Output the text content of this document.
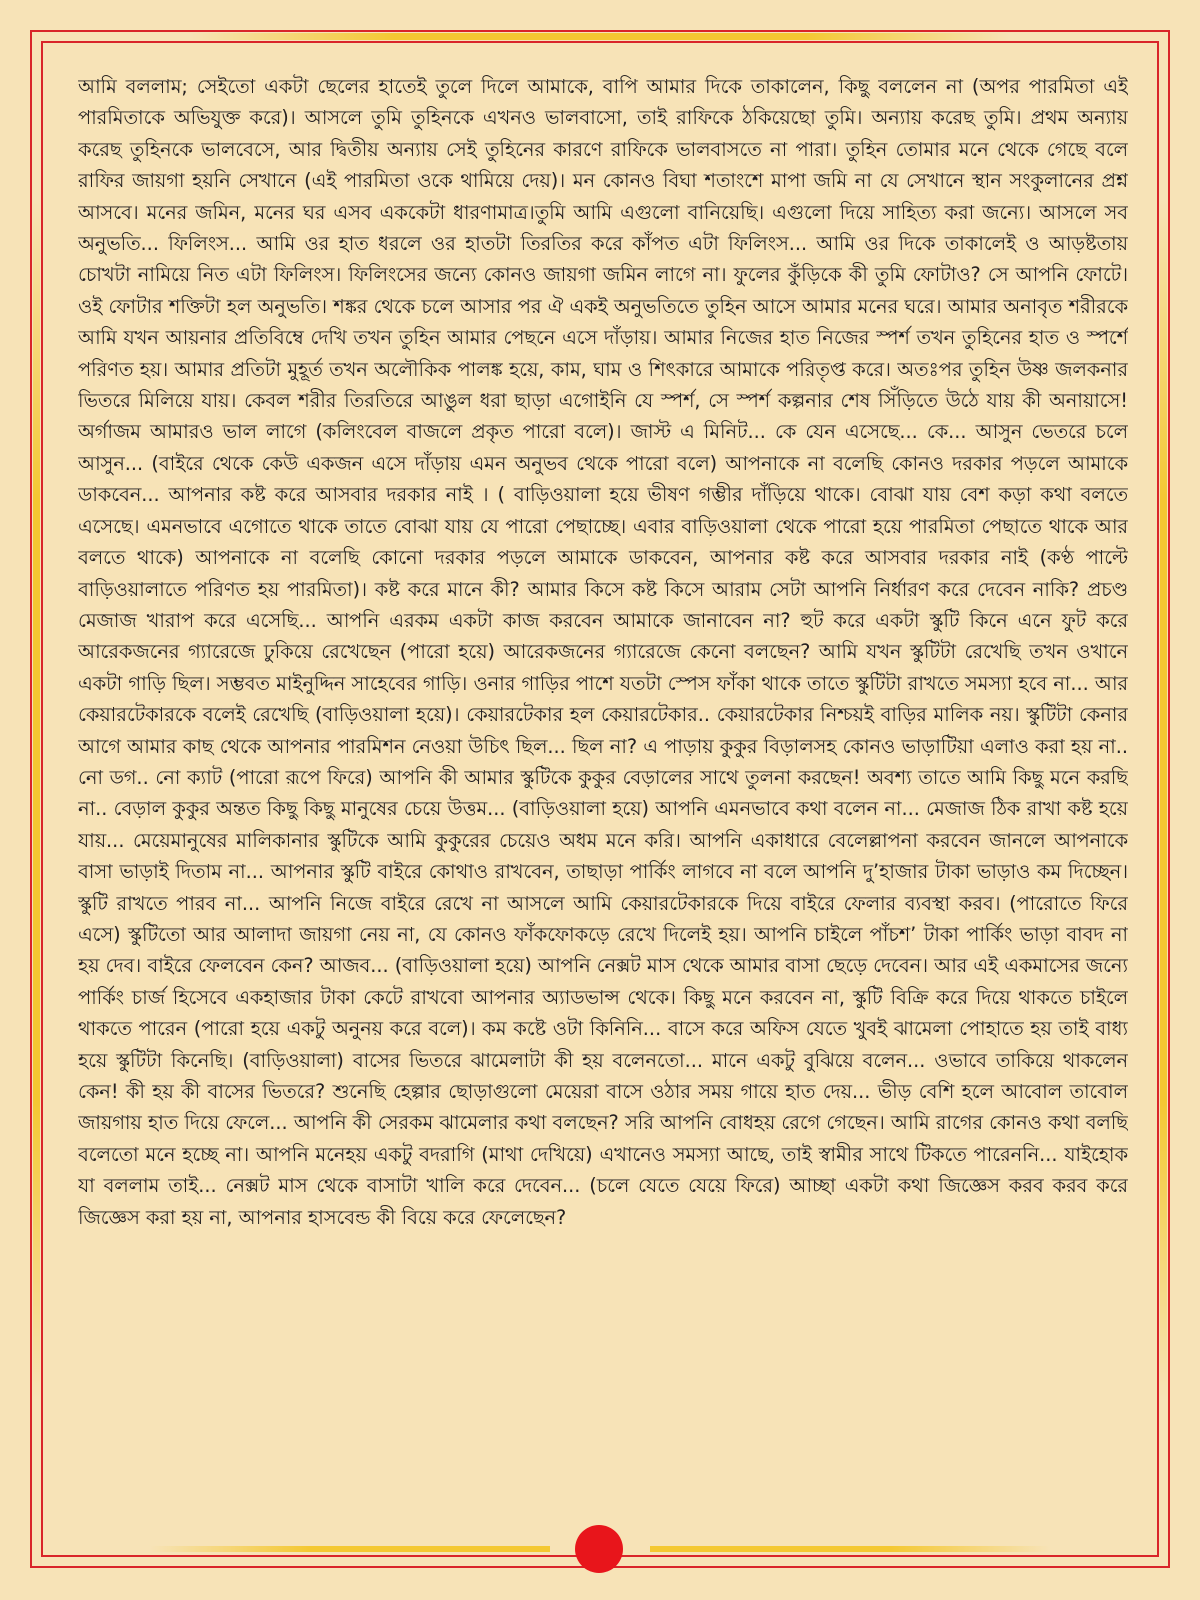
আমি বললাম; সেইতো একটা ছেলের হাতেই তুলে দিলে আমাকে, বাপি আমার দিকে তাকালেন, কিছু বললেন না (অপর পারমিতা এই পারমিতাকে অভিযুক্ত করে)। আসলে তুমি তুহিনকে এখনও ভালবাসো, তাই রাফিকে ঠকিয়েছো তুমি। অন্যায় করেছ তুমি। প্রথম অন্যায় করেছ তুহিনকে ভালবেসে, আর দ্বিতীয় অন্যায় সেই তুহিনের কারণে রাফিকে ভালবাসতে না পারা। তুহিন তোমার মনে থেকে গেছে বলে রাফির জায়গা হয়নি সেখানে (এই পারমিতা ওকে থামিয়ে দেয়)। মন কোনও বিঘা শতাংশে মাপা জমি না যে সেখানে স্থান সংকুলানের প্রশ্ন আসবে। মনের জমিন, মনের ঘর এসব এককেটা ধারণামাত্র।তুমি আমি এগুলো বানিয়েছি। এগুলো দিয়ে সাহিত্য করা জন্যে। আসলে সব অনুভতি... ফিলিংস... আমি ওর হাত ধরলে ওর হাতটা তিরতির করে কাঁপত এটা ফিলিংস... আমি ওর দিকে তাকালেই ও আড়ষ্টতায় চোখটা নামিয়ে নিত এটা ফিলিংস। ফিলিংসের জন্যে কোনও জায়গা জমিন লাগে না। ফুলের কুঁড়িকে কী তুমি ফোটাও? সে আপনি ফোটে। ওই ফোটার শক্তিটা হল অনুভতি। শঙ্কর থেকে চলে আসার পর ঐ একই অনুভতিতে তুহিন আসে আমার মনের ঘরে। আমার অনাবৃত শরীরকে আমি যখন আয়নার প্রতিবিম্বে দেখি তখন তুহিন আমার পেছনে এসে দাঁড়ায়। আমার নিজের হাত নিজের স্পর্শ তখন তুহিনের হাত ও স্পর্শে পরিণত হয়। আমার প্রতিটা মুহূর্ত তখন অলৌকিক পালঙ্ক হয়ে, কাম, ঘাম ও শিৎকারে আমাকে পরিতৃপ্ত করে। অতঃপর তুহিন উষ্ণ জলকনার ভিতরে মিলিয়ে যায়। কেবল শরীর তিরতিরে আঙুল ধরা ছাড়া এগোইনি যে স্পর্শ, সে স্পর্শ কল্পনার শেষ সিঁড়িতে উঠে যায় কী অনায়াসে! অর্গাজম আমারও ভাল লাগে (কলিংবেল বাজলে প্রকৃত পারো বলে)। জাস্ট এ মিনিট... কে যেন এসেছে... কে... আসুন ভেতরে চলে আসুন... (বাইরে থেকে কেউ একজন এসে দাঁড়ায় এমন অনুভব থেকে পারো বলে) আপনাকে না বলেছি কোনও দরকার পড়লে আমাকে ডাকবেন... আপনার কষ্ট করে আসবার দরকার নাই । ( বাড়িওয়ালা হয়ে ভীষণ গম্ভীর দাঁড়িয়ে থাকে। বোঝা যায় বেশ কড়া কথা বলতে এসেছে। এমনভাবে এগোতে থাকে তাতে বোঝা যায় যে পারো পেছাচ্ছে। এবার বাড়িওয়ালা থেকে পারো হয়ে পারমিতা পেছাতে থাকে আর বলতে থাকে) আপনাকে না বলেছি কোনো দরকার পড়লে আমাকে ডাকবেন, আপনার কষ্ট করে আসবার দরকার নাই (কণ্ঠ পাল্টে বাড়িওয়ালাতে পরিণত হয় পারমিতা)। কষ্ট করে মানে কী? আমার কিসে কষ্ট কিসে আরাম সেটা আপনি নির্ধারণ করে দেবেন নাকি? প্রচণ্ড মেজাজ খারাপ করে এসেছি... আপনি এরকম একটা কাজ করবেন আমাকে জানাবেন না? হুট করে একটা স্কুটি কিনে এনে ফুট করে আরেকজনের গ্যারেজে ঢুকিয়ে রেখেছেন (পারো হয়ে) আরেকজনের গ্যারেজে কেনো বলছেন? আমি যখন স্কুটিটা রেখেছি তখন ওখানে একটা গাড়ি ছিল। সম্ভবত মাইনুদ্দিন সাহেবের গাড়ি। ওনার গাড়ির পাশে যতটা স্পেস ফাঁকা থাকে তাতে স্কুটিটা রাখতে সমস্যা হবে না... আর কেয়ারটেকারকে বলেই রেখেছি (বাড়িওয়ালা হয়ে)। কেয়ারটেকার হল কেয়ারটেকার.. কেয়ারটেকার নিশ্চয়ই বাড়ির মালিক নয়। স্কুটিটা কেনার আগে আমার কাছ থেকে আপনার পারমিশন নেওয়া উচিৎ ছিল... ছিল না? এ পাড়ায় কুকুর বিড়ালসহ কোনও ভাড়াটিয়া এলাও করা হয় না.. নো ডগ.. নো ক্যাট (পারো রূপে ফিরে) আপনি কী আমার স্কুটিকে কুকুর বেড়ালের সাথে তুলনা করছেন! অবশ্য তাতে আমি কিছু মনে করছি না.. বেড়াল কুকুর অন্তত কিছু কিছু মানুষের চেয়ে উত্তম... (বাড়িওয়ালা হয়ে) আপনি এমনভাবে কথা বলেন না... মেজাজ ঠিক রাখা কষ্ট হয়ে যায়... মেয়েমানুষের মালিকানার স্কুটিকে আমি কুকুরের চেয়েও অধম মনে করি। আপনি একাধারে বেলেল্লাপনা করবেন জানলে আপনাকে বাসা ভাড়াই দিতাম না... আপনার স্কুটি বাইরে কোথাও রাখবেন, তাছাড়া পার্কিং লাগবে না বলে আপনি দু’হাজার টাকা ভাড়াও কম দিচ্ছেন। স্কুটি রাখতে পারব না... আপনি নিজে বাইরে রেখে না আসলে আমি কেয়ারটেকারকে দিয়ে বাইরে ফেলার ব্যবস্থা করব। (পারোতে ফিরে এসে) স্কুটিতো আর আলাদা জায়গা নেয় না, যে কোনও ফাঁকফোকড়ে রেখে দিলেই হয়। আপনি চাইলে পাঁচশ’ টাকা পার্কিং ভাড়া বাবদ না হয় দেব। বাইরে ফেলবেন কেন? আজব... (বাড়িওয়ালা হয়ে) আপনি নেক্সট মাস থেকে আমার বাসা ছেড়ে দেবেন। আর এই একমাসের জন্যে পার্কিং চার্জ হিসেবে একহাজার টাকা কেটে রাখবো আপনার অ্যাডভান্স থেকে। কিছু মনে করবেন না, স্কুটি বিক্রি করে দিয়ে থাকতে চাইলে থাকতে পারেন (পারো হয়ে একটু অনুনয় করে বলে)। কম কষ্টে ওটা কিনিনি... বাসে করে অফিস যেতে খুবই ঝামেলা পোহাতে হয় তাই বাধ্য হয়ে স্কুটিটা কিনেছি। (বাড়িওয়ালা) বাসের ভিতরে ঝামেলাটা কী হয় বলেনতো... মানে একটু বুঝিয়ে বলেন... ওভাবে তাকিয়ে থাকলেন কেন! কী হয় কী বাসের ভিতরে? শুনেছি হেল্পার ছোড়াগুলো মেয়েরা বাসে ওঠার সময় গায়ে হাত দেয়... ভীড় বেশি হলে আবোল তাবোল জায়গায় হাত দিয়ে ফেলে... আপনি কী সেরকম ঝামেলার কথা বলছেন? সরি আপনি বোধহয় রেগে গেছেন। আমি রাগের কোনও কথা বলছি বলেতো মনে হচ্ছে না। আপনি মনেহয় একটু বদরাগি (মাথা দেখিয়ে) এখানেও সমস্যা আছে, তাই স্বামীর সাথে টিকতে পারেননি... যাইহোক যা বললাম তাই... নেক্সট মাস থেকে বাসাটা খালি করে দেবেন... (চলে যেতে যেয়ে ফিরে) আচ্ছা একটা কথা জিজ্ঞেস করব করব করে জিজ্ঞেস করা হয় না, আপনার হাসবেন্ড কী বিয়ে করে ফেলেছেন?
